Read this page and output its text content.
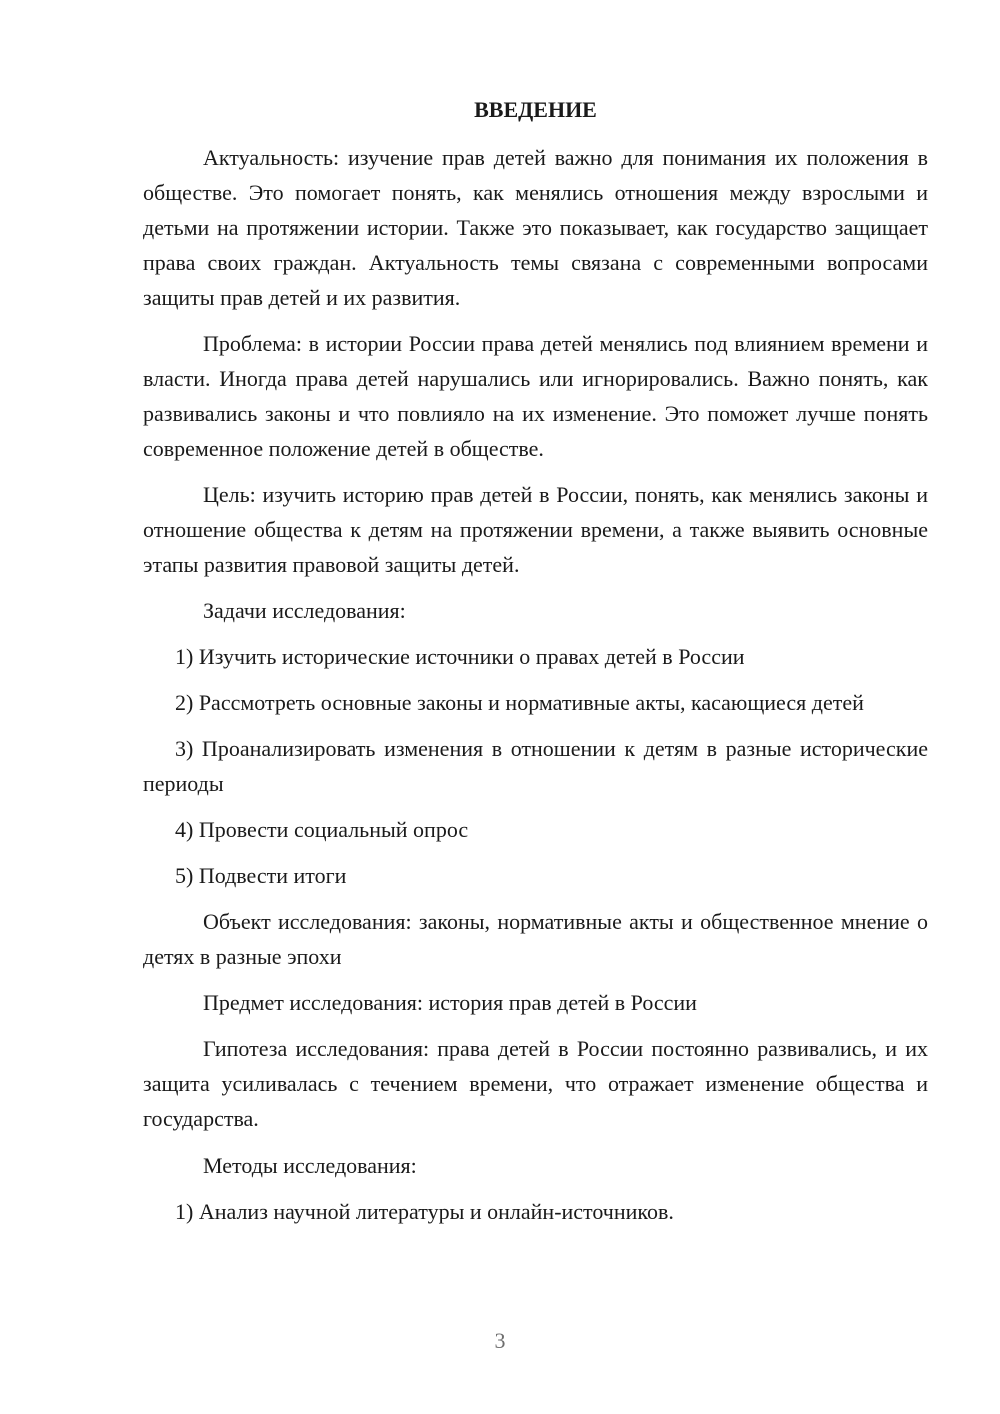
ВВЕДЕНИЕ

Актуальность: изучение прав детей важно для понимания их положения в обществе. Это помогает понять, как менялись отношения между взрослыми и детьми на протяжении истории. Также это показывает, как государство защищает права своих граждан. Актуальность темы связана с современными вопросами защиты прав детей и их развития.

Проблема: в истории России права детей менялись под влиянием времени и власти. Иногда права детей нарушались или игнорировались. Важно понять, как развивались законы и что повлияло на их изменение. Это поможет лучше понять современное положение детей в обществе.

Цель: изучить историю прав детей в России, понять, как менялись законы и отношение общества к детям на протяжении времени, а также выявить основные этапы развития правовой защиты детей.

Задачи исследования:

1) Изучить исторические источники о правах детей в России

2) Рассмотреть основные законы и нормативные акты, касающиеся детей

3) Проанализировать изменения в отношении к детям в разные исторические периоды

4) Провести социальный опрос

5) Подвести итоги

Объект исследования: законы, нормативные акты и общественное мнение о детях в разные эпохи

Предмет исследования: история прав детей в России

Гипотеза исследования: права детей в России постоянно развивались, и их защита усиливалась с течением времени, что отражает изменение общества и государства.

Методы исследования:

1) Анализ научной литературы и онлайн-источников.

3
